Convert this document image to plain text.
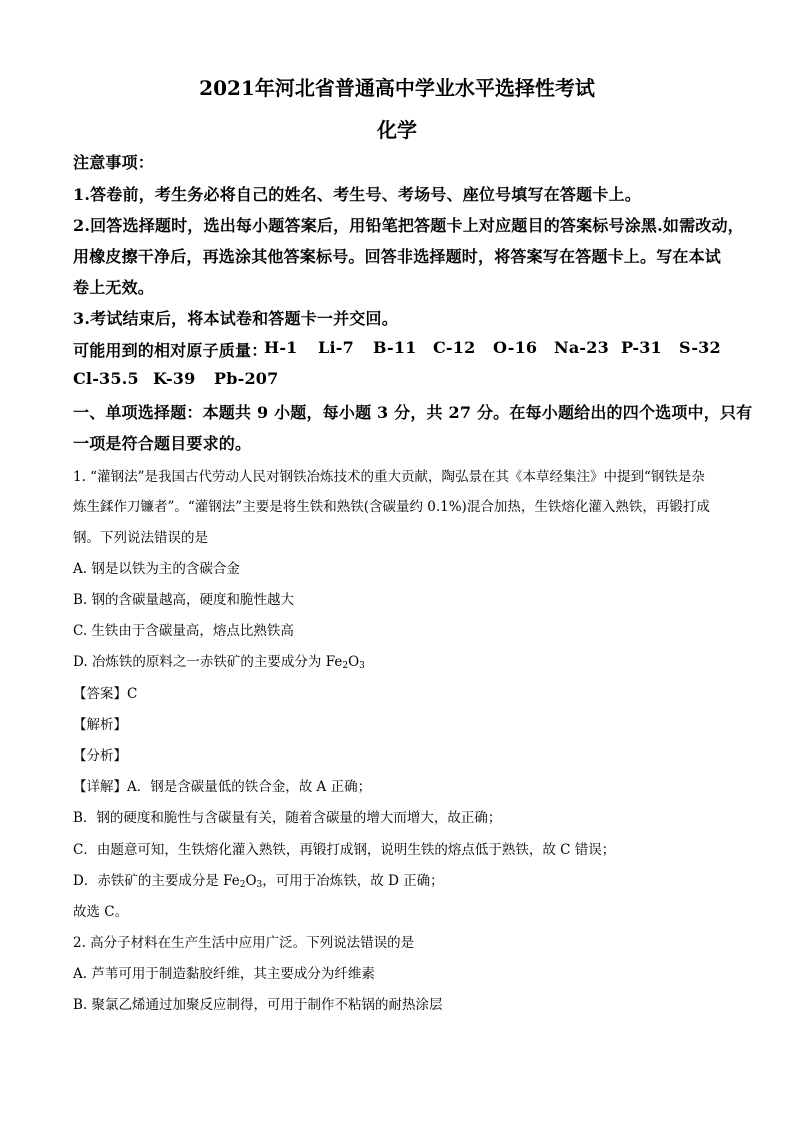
2021年河北省普通高中学业水平选择性考试
化学
注意事项：
1.答卷前，考生务必将自己的姓名、考生号、考场号、座位号填写在答题卡上。
2.回答选择题时，选出每小题答案后，用铅笔把答题卡上对应题目的答案标号涂黑.如需改动，
用橡皮擦干净后，再选涂其他答案标号。回答非选择题时，将答案写在答题卡上。写在本试
卷上无效。
3.考试结束后，将本试卷和答题卡一并交回。
可能用到的相对原子质量：
H-1 Li-7 B-11 C-12 O-16 Na-23 P-31 S-32
Cl-35.5 K-39 Pb-207
一、单项选择题：本题共 9 小题，每小题 3 分，共 27 分。在每小题给出的四个选项中，只有
一项是符合题目要求的。
1. “灌钢法”是我国古代劳动人民对钢铁冶炼技术的重大贡献，陶弘景在其《本草经集注》中提到“钢铁是杂
炼生鍒作刀镰者”。“灌钢法”主要是将生铁和熟铁(含碳量约 0.1%)混合加热，生铁熔化灌入熟铁，再锻打成
钢。下列说法错误的是
A. 钢是以铁为主的含碳合金
B. 钢的含碳量越高，硬度和脆性越大
C. 生铁由于含碳量高，熔点比熟铁高
D. 冶炼铁的原料之一赤铁矿的主要成分为 $Fe_2O_3$
【答案】C
【解析】
【分析】
【详解】A．钢是含碳量低的铁合金，故 A 正确；
B．钢的硬度和脆性与含碳量有关，随着含碳量的增大而增大，故正确；
C．由题意可知，生铁熔化灌入熟铁，再锻打成钢，说明生铁的熔点低于熟铁，故 C 错误；
D．赤铁矿的主要成分是 $Fe_2O_3$，可用于冶炼铁，故 D 正确；
故选 C。
2. 高分子材料在生产生活中应用广泛。下列说法错误的是
A. 芦苇可用于制造黏胶纤维，其主要成分为纤维素
B. 聚氯乙烯通过加聚反应制得，可用于制作不粘锅的耐热涂层
